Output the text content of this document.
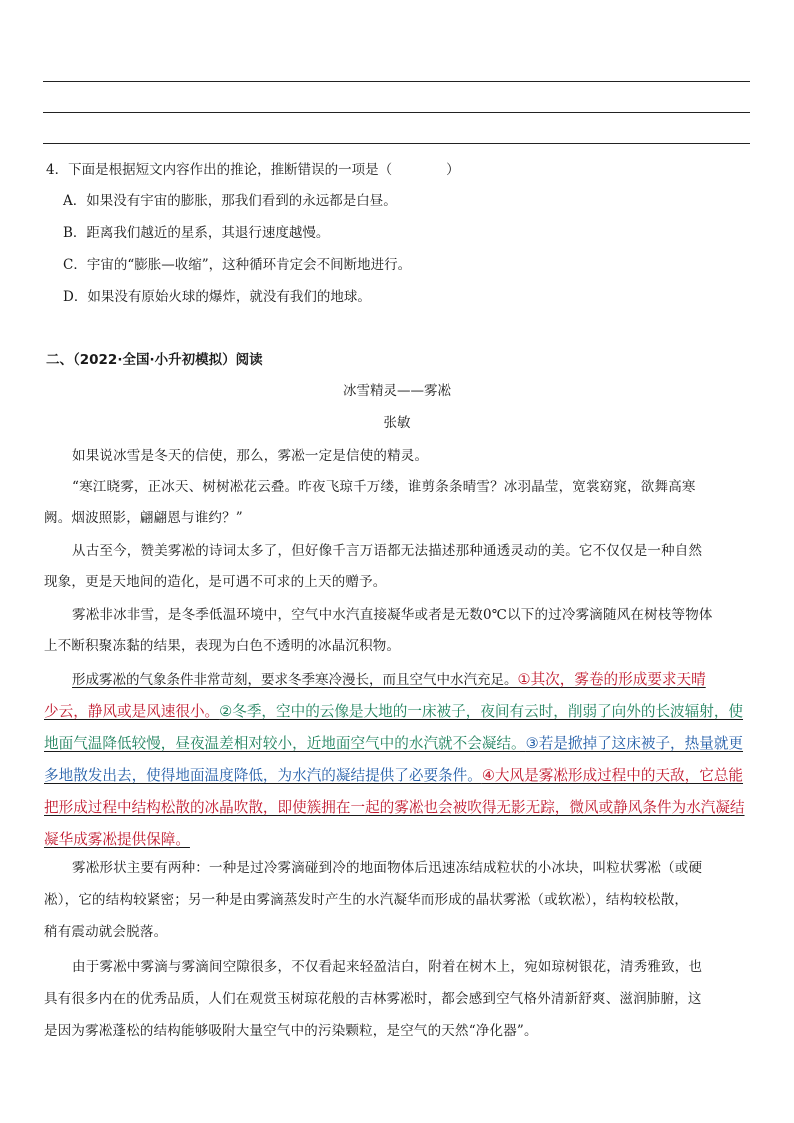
4．下面是根据短文内容作出的推论，推断错误的一项是（　　　　）
A．如果没有宇宙的膨胀，那我们看到的永远都是白昼。
B．距离我们越近的星系，其退行速度越慢。
C．宇宙的“膨胀—收缩”，这种循环肯定会不间断地进行。
D．如果没有原始火球的爆炸，就没有我们的地球。
二、（2022·全国·小升初模拟）阅读
冰雪精灵——雾凇
张敏
如果说冰雪是冬天的信使，那么，雾凇一定是信使的精灵。
“寒江晓雾，正冰天、树树凇花云叠。昨夜飞琼千万缕，谁剪条条晴雪？冰羽晶莹，宽裳窈窕，欲舞高寒
阙。烟波照影，翩翩恩与谁约？”
从古至今，赞美雾凇的诗词太多了，但好像千言万语都无法描述那种通透灵动的美。它不仅仅是一种自然
现象，更是天地间的造化，是可遇不可求的上天的赠予。
雾凇非冰非雪，是冬季低温环境中，空气中水汽直接凝华或者是无数0℃以下的过冷雾滴随风在树枝等物体
上不断积聚冻黏的结果，表现为白色不透明的冰晶沉积物。
形成雾凇的气象条件非常苛刻，要求冬季寒冷漫长，而且空气中水汽充足。①其次，雾卷的形成要求天晴
少云，静风或是风速很小。②冬季，空中的云像是大地的一床被子，夜间有云时，削弱了向外的长波辐射，使
地面气温降低较慢，昼夜温差相对较小，近地面空气中的水汽就不会凝结。③若是掀掉了这床被子，热量就更
多地散发出去，使得地面温度降低，为水汽的凝结提供了必要条件。④大风是雾凇形成过程中的天敌，它总能
把形成过程中结构松散的冰晶吹散，即使簇拥在一起的雾凇也会被吹得无影无踪，微风或静风条件为水汽凝结
凝华成雾凇提供保障。
雾凇形状主要有两种：一种是过冷雾滴碰到冷的地面物体后迅速冻结成粒状的小冰块，叫粒状雾凇（或硬
凇），它的结构较紧密；另一种是由雾滴蒸发时产生的水汽凝华而形成的晶状雾淞（或软凇），结构较松散，
稍有震动就会脱落。
由于雾凇中雾滴与雾滴间空隙很多，不仅看起来轻盈洁白，附着在树木上，宛如琼树银花，清秀雅致，也
具有很多内在的优秀品质，人们在观赏玉树琼花般的吉林雾凇时，都会感到空气格外清新舒爽、滋润肺腑，这
是因为雾凇蓬松的结构能够吸附大量空气中的污染颗粒，是空气的天然“净化器”。
